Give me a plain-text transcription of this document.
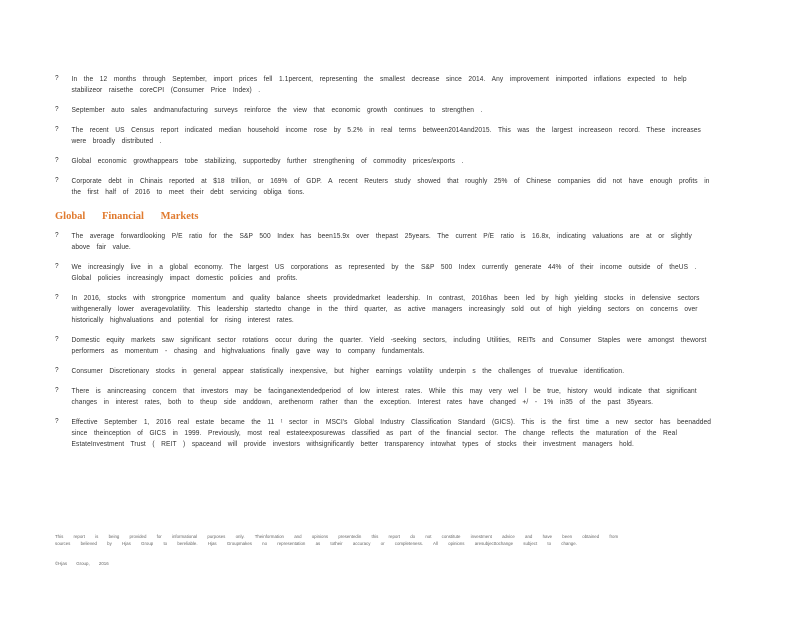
? In the 12 months through September, import prices fell 1.1percent, representing the smallest decrease since 2014. Any improvement inimported inflations expected to help stabilizeor raisethe coreCPI (Consumer Price Index) .
? September auto sales andmanufacturing surveys reinforce the view that economic growth continues to strengthen .
? The recent US Census report indicated median household income rose by 5.2% in real terms between2014and2015. This was the largest increaseon record. These increases were broadly distributed .
? Global economic growthappears tobe stabilizing, supportedby further strengthening of commodity prices/exports .
? Corporate debt in Chinais reported at $18 trillion, or 169% of GDP. A recent Reuters study showed that roughly 25% of Chinese companies did not have enough profits in the first half of 2016 to meet their debt servicing obliga tions.
Global Financial Markets
? The average forwardlooking P/E ratio for the S&P 500 Index has been15.9x over thepast 25years. The current P/E ratio is 16.8x, indicating valuations are at or slightly above fair value.
? We increasingly live in a global economy. The largest US corporations as represented by the S&P 500 Index currently generate 44% of their income outside of theUS . Global policies increasingly impact domestic policies and profits.
? In 2016, stocks with strongprice momentum and quality balance sheets providedmarket leadership. In contrast, 2016has been led by high yielding stocks in defensive sectors withgenerally lower averagevolatility. This leadership startedto change in the third quarter, as active managers increasingly sold out of high yielding sectors on concerns over historically highvaluations and potential for rising interest rates.
? Domestic equity markets saw significant sector rotations occur during the quarter. Yield -seeking sectors, including Utilities, REITs and Consumer Staples were amongst theworst performers as momentum - chasing and highvaluations finally gave way to company fundamentals.
? Consumer Discretionary stocks in general appear statistically inexpensive, but higher earnings volatility underpin s the challenges of truevalue identification.
? There is anincreasing concern that investors may be facinganextendedperiod of low interest rates. While this may very wel l be true, history would indicate that significant changes in interest rates, both to theup side anddown, arethenorm rather than the exception. Interest rates have changed +/ - 1% in35 of the past 35years.
? Effective September 1, 2016 real estate became the 11 ᵗ sector in MSCI's Global Industry Classification Standard (GICS). This is the first time a new sector has beenadded since theinception of GICS in 1999. Previously, most real estateexposurewas classified as part of the financial sector. The change reflects the maturation of the Real EstateInvestment Trust ( REIT ) spaceand will provide investors withsignificantly better transparency intowhat types of stocks their investment managers hold.
This report is being provided for informational purposes only. Theinformation and opinions presentedin this report do not constitute investment advice and have been obtained from
sources believed by Hjas Group to bereliable. Hjas Groupmakes no representation as totheir accuracy or completeness. All opinions aresubjecttochange subject to change.
©Hjas Group, 2016
